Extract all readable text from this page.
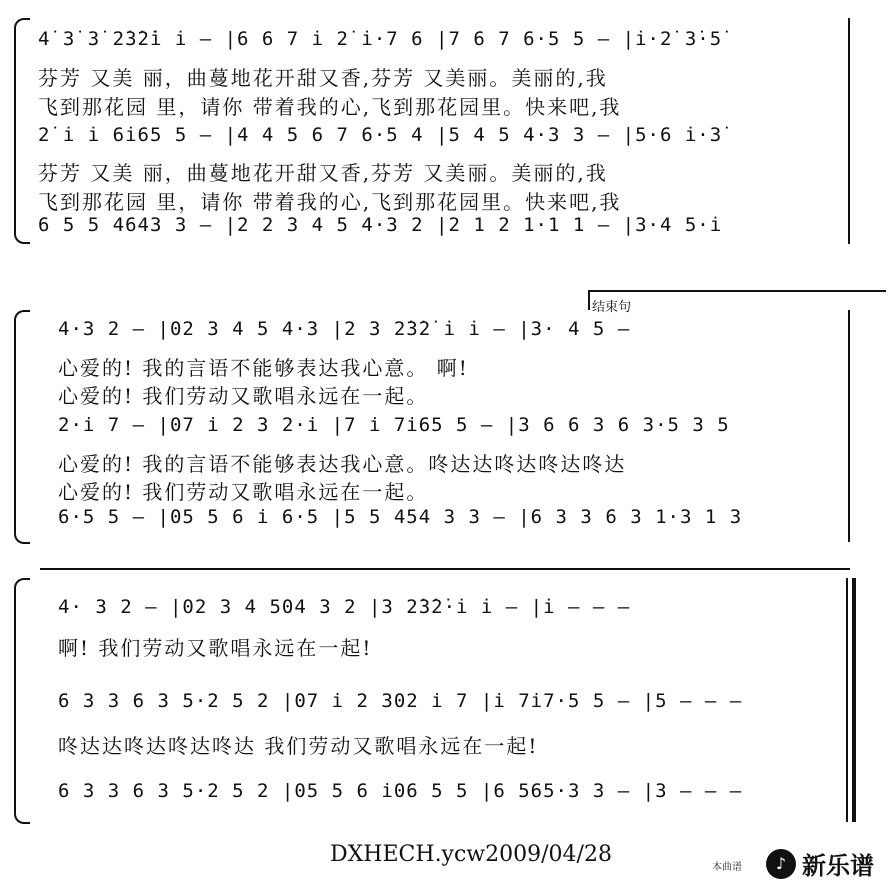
4̇ 3̇ 3̇ 2̇3̇2̇i̇ i̇ – |6 6 7 i̇ 2̇ i̇·7 6 |7 6 7 6·5 5 – |i̇·2̇ 3̇·5̇
芬芳 又美 丽，曲蔓地花开甜又香,芬芳 又美丽。美丽的,我
飞到那花园 里，请你 带着我的心,飞到那花园里。快来吧,我
2̇ i̇ i̇ 6i̇65 5 – |4 4 5 6 7 6·5 4 |5 4 5 4·3 3 – |5·6 i̇·3̇
芬芳 又美 丽，曲蔓地花开甜又香,芬芳 又美丽。美丽的,我
飞到那花园 里，请你 带着我的心,飞到那花园里。快来吧,我
6 5 5 4643 3 – |2 2 3 4 5 4·3 2 |2 1 2 1·1 1 – |3·4 5·i̇
结束句
4·3 2 – |02 3 4 5 4·3 |2 3 2̇3̇2̇ i̇ i̇ – |3· 4 5 –
心爱的! 我的言语不能够表达我心意。 啊!
心爱的! 我们劳动又歌唱永远在一起。
2·i 7 – |07 i 2 3 2·i |7 i 7i65 5 – |3 6 6 3 6 3·5 3 5
心爱的! 我的言语不能够表达我心意。咚达达咚达咚达咚达
心爱的! 我们劳动又歌唱永远在一起。
6·5 5 – |05 5 6 i 6·5 |5 5 454 3 3 – |6 3 3 6 3 1·3 1 3
4· 3 2 – |02 3 4 504 3 2 |3 2̇3̇2̇·i̇ i̇ – |i̇ – – –
啊! 我们劳动又歌唱永远在一起!
6 3 3 6 3 5·2 5 2 |07 i 2 302 i 7 |i 7i7·5 5 – |5 – – –
咚达达咚达咚达咚达 我们劳动又歌唱永远在一起!
6 3 3 6 3 5·2 5 2 |05 5 6 i06 5 5 |6 565·3 3 – |3 – – –
DXHECH.ycw2009/04/28
本曲谱	♪ 新乐谱
